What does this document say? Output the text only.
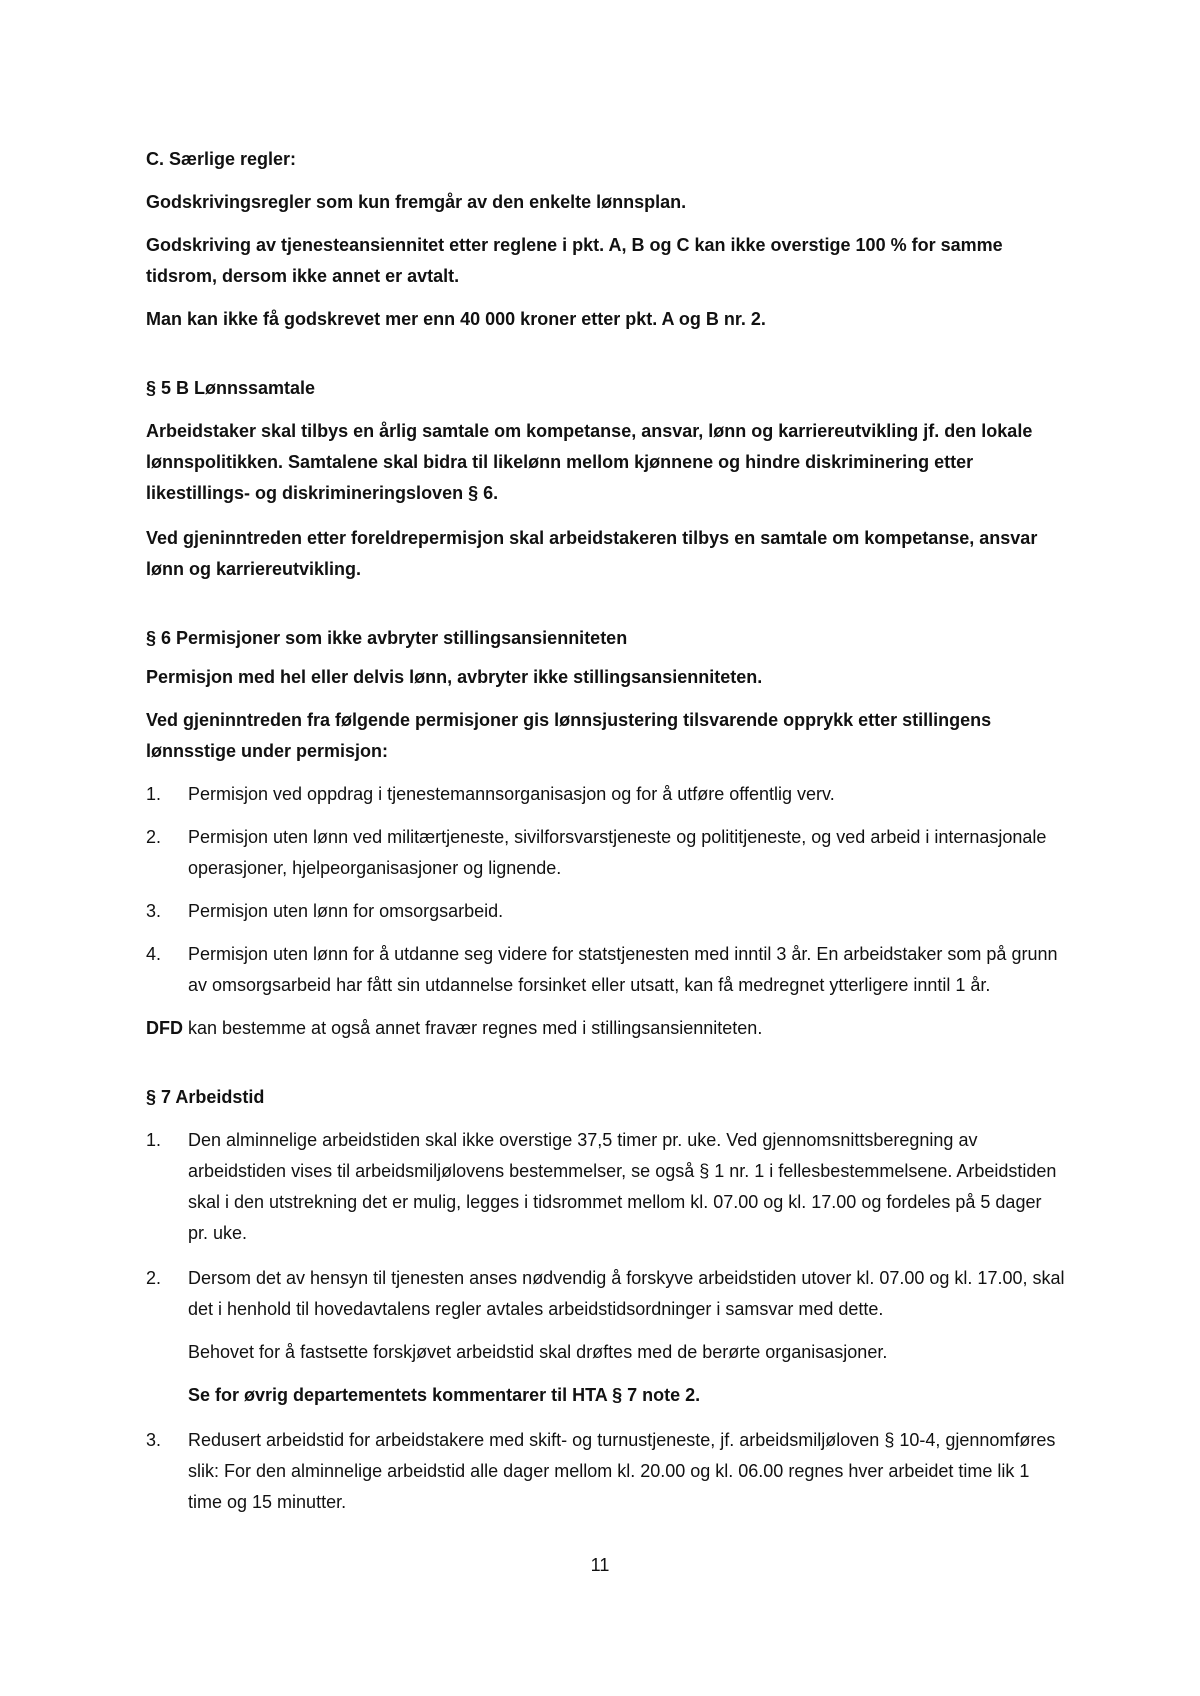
C. Særlige regler:

Godskrivingsregler som kun fremgår av den enkelte lønnsplan.

Godskriving av tjenesteansiennitet etter reglene i pkt. A, B og C kan ikke overstige 100 % for samme tidsrom, dersom ikke annet er avtalt.

Man kan ikke få godskrevet mer enn 40 000 kroner etter pkt. A og B nr. 2.

§ 5 B Lønnssamtale

Arbeidstaker skal tilbys en årlig samtale om kompetanse, ansvar, lønn og karriereutvikling jf. den lokale lønnspolitikken. Samtalene skal bidra til likelønn mellom kjønnene og hindre diskriminering etter likestillings- og diskrimineringsloven § 6.

Ved gjeninntreden etter foreldrepermisjon skal arbeidstakeren tilbys en samtale om kompetanse, ansvar lønn og karriereutvikling.

§ 6 Permisjoner som ikke avbryter stillingsansienniteten

Permisjon med hel eller delvis lønn, avbryter ikke stillingsansienniteten.

Ved gjeninntreden fra følgende permisjoner gis lønnsjustering tilsvarende opprykk etter stillingens lønnsstige under permisjon:

1.	Permisjon ved oppdrag i tjenestemannsorganisasjon og for å utføre offentlig verv.
2.	Permisjon uten lønn ved militærtjeneste, sivilforsvarstjeneste og polititjeneste, og ved arbeid i internasjonale operasjoner, hjelpeorganisasjoner og lignende.
3.	Permisjon uten lønn for omsorgsarbeid.
4.	Permisjon uten lønn for å utdanne seg videre for statstjenesten med inntil 3 år. En arbeidstaker som på grunn av omsorgsarbeid har fått sin utdannelse forsinket eller utsatt, kan få medregnet ytterligere inntil 1 år.

DFD kan bestemme at også annet fravær regnes med i stillingsansienniteten.

§ 7 Arbeidstid

1.	Den alminnelige arbeidstiden skal ikke overstige 37,5 timer pr. uke. Ved gjennomsnittsberegning av arbeidstiden vises til arbeidsmiljølovens bestemmelser, se også § 1 nr. 1 i fellesbestemmelsene. Arbeidstiden skal i den utstrekning det er mulig, legges i tidsrommet mellom kl. 07.00 og kl. 17.00 og fordeles på 5 dager pr. uke.
2.	Dersom det av hensyn til tjenesten anses nødvendig å forskyve arbeidstiden utover kl. 07.00 og kl. 17.00, skal det i henhold til hovedavtalens regler avtales arbeidstidsordninger i samsvar med dette.

Behovet for å fastsette forskjøvet arbeidstid skal drøftes med de berørte organisasjoner.

Se for øvrig departementets kommentarer til HTA § 7 note 2.

3.	Redusert arbeidstid for arbeidstakere med skift- og turnustjeneste, jf. arbeidsmiljøloven § 10-4, gjennomføres slik: For den alminnelige arbeidstid alle dager mellom kl. 20.00 og kl. 06.00 regnes hver arbeidet time lik 1 time og 15 minutter.
11
